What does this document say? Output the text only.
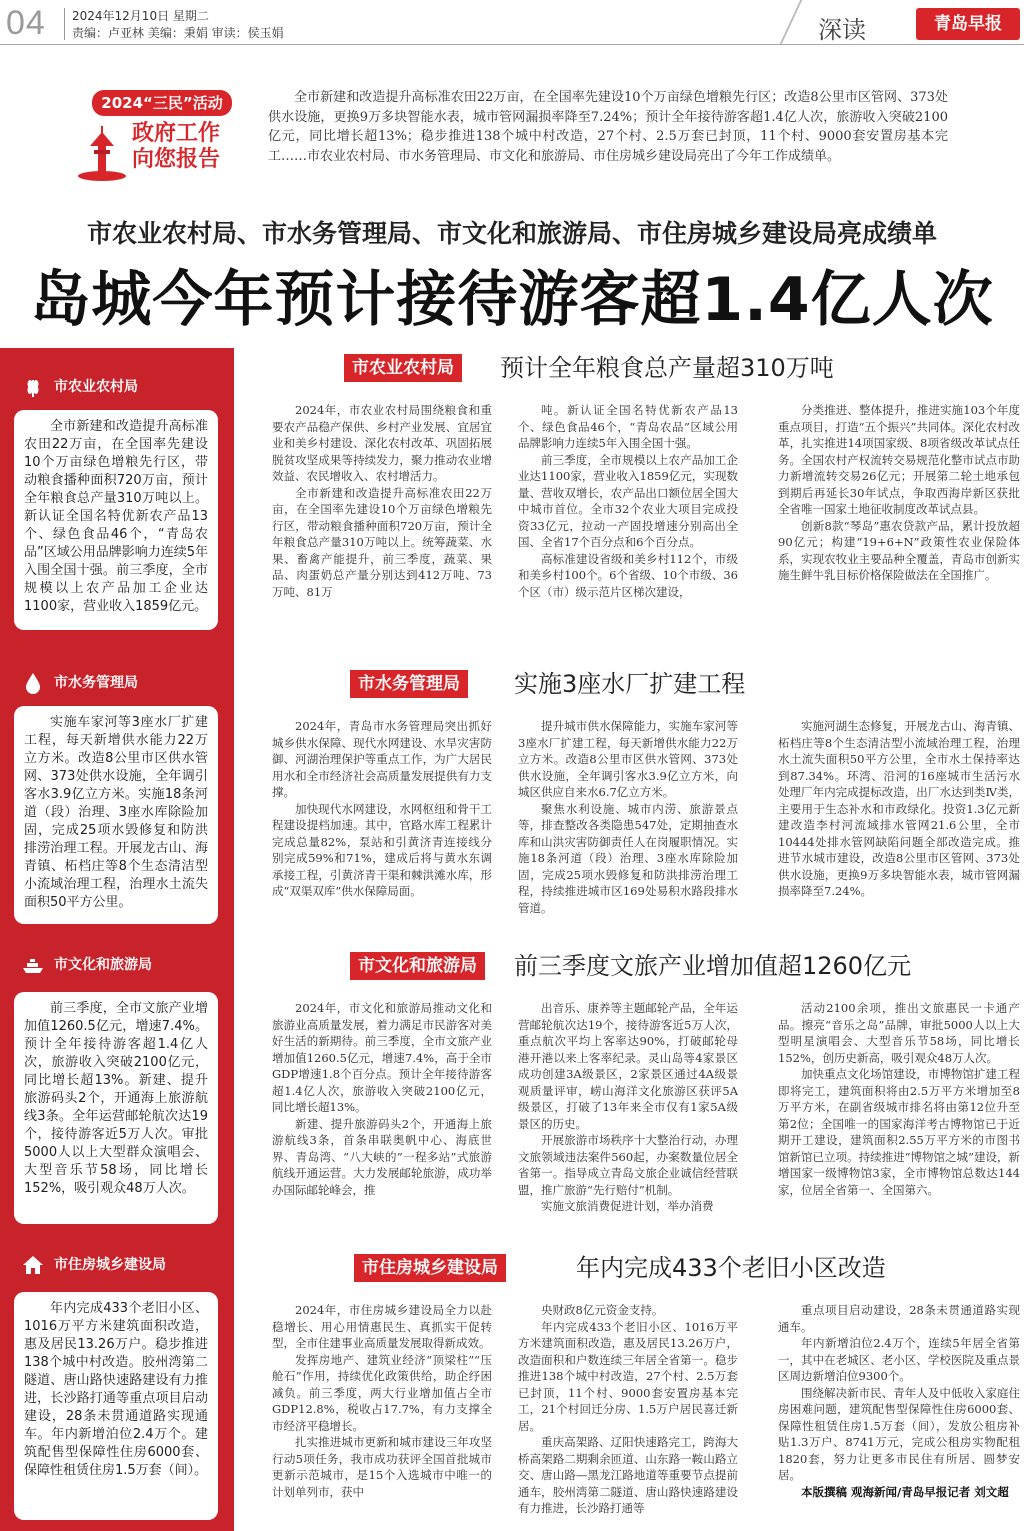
04 2024年12月10日 星期二
责编：卢亚林 美编：秉娟 审读：侯玉娟	深读	青岛早报
2024“三民”活动
政府工作向您报告
全市新建和改造提升高标准农田22万亩，在全国率先建设10个万亩绿色增粮先行区；改造8公里市区管网、373处供水设施，更换9万多块智能水表，城市管网漏损率降至7.24%；预计全年接待游客超1.4亿人次，旅游收入突破2100亿元，同比增长超13%；稳步推进138个城中村改造，27个村、2.5万套已封顶，11个村、9000套安置房基本完工……市农业农村局、市水务管理局、市文化和旅游局、市住房城乡建设局亮出了今年工作成绩单。
市农业农村局、市水务管理局、市文化和旅游局、市住房城乡建设局亮成绩单
岛城今年预计接待游客超1.4亿人次
市农业农村局
全市新建和改造提升高标准农田22万亩，在全国率先建设10个万亩绿色增粮先行区，带动粮食播种面积720万亩，预计全年粮食总产量310万吨以上。新认证全国名特优新农产品13个、绿色食品46个，“青岛农品”区域公用品牌影响力连续5年入围全国十强。前三季度，全市规模以上农产品加工企业达1100家，营业收入1859亿元。
市水务管理局
实施车家河等3座水厂扩建工程，每天新增供水能力22万立方米。改造8公里市区供水管网、373处供水设施，全年调引客水3.9亿立方米。实施18条河道（段）治理、3座水库除险加固，完成25项水毁修复和防洪排涝治理工程。开展龙古山、海青镇、柘档庄等8个生态清洁型小流域治理工程，治理水土流失面积50平方公里。
市文化和旅游局
前三季度，全市文旅产业增加值1260.5亿元，增速7.4%。预计全年接待游客超1.4亿人次，旅游收入突破2100亿元，同比增长超13%。新建、提升旅游码头2个，开通海上旅游航线3条。全年运营邮轮航次达19个，接待游客近5万人次。审批5000人以上大型群众演唱会、大型音乐节58场，同比增长152%，吸引观众48万人次。
市住房城乡建设局
年内完成433个老旧小区、1016万平方米建筑面积改造，惠及居民13.26万户。稳步推进138个城中村改造。胶州湾第二隧道、唐山路快速路建设有力推进，长沙路打通等重点项目启动建设，28条未贯通道路实现通车。年内新增泊位2.4万个。建筑配售型保障性住房6000套、保障性租赁住房1.5万套（间）。
市农业农村局	预计全年粮食总产量超310万吨

2024年，市农业农村局围绕粮食和重要农产品稳产保供、乡村产业发展、宜居宜业和美乡村建设、深化农村改革、巩固拓展脱贫攻坚成果等持续发力，聚力推动农业增效益、农民增收入、农村增活力。

全市新建和改造提升高标准农田22万亩，在全国率先建设10个万亩绿色增粮先行区，带动粮食播种面积720万亩，预计全年粮食总产量310万吨以上。统筹蔬菜、水果、畜禽产能提升，前三季度，蔬菜、果品、肉蛋奶总产量分别达到412万吨、73万吨、81万

吨。新认证全国名特优新农产品13个、绿色食品46个，“青岛农品”区域公用品牌影响力连续5年入围全国十强。

前三季度，全市规模以上农产品加工企业达1100家，营业收入1859亿元，实现数量、营收双增长，农产品出口额位居全国大中城市首位。全市32个农业大项目完成投资33亿元，拉动一产固投增速分别高出全国、全省17个百分点和6个百分点。

高标准建设省级和美乡村112个，市级和美乡村100个。6个省级、10个市级、36个区（市）级示范片区梯次建设，

分类推进、整体提升，推进实施103个年度重点项目，打造“五个振兴”共同体。深化农村改革，扎实推进14项国家级、8项省级改革试点任务。全国农村产权流转交易规范化整市试点市助力新增流转交易26亿元；开展第二轮土地承包到期后再延长30年试点，争取西海岸新区获批全省唯一国家土地征收制度改革试点县。

创新8款“琴岛”惠农贷款产品，累计投放超90亿元；构建“19+6+N”政策性农业保险体系，实现农牧业主要品种全覆盖，青岛市创新实施生鲜牛乳目标价格保险做法在全国推广。

市水务管理局	实施3座水厂扩建工程

2024年，青岛市水务管理局突出抓好城乡供水保障、现代水网建设、水旱灾害防御、河湖治理保护等重点工作，为广大居民用水和全市经济社会高质量发展提供有力支撑。

加快现代水网建设，水网枢纽和骨干工程建设提档加速。其中，官路水库工程累计完成总量82%，泵站和引黄济青连接线分别完成59%和71%，建成后将与黄水东调承接工程，引黄济青干渠和棘洪滩水库，形成“双渠双库”供水保障局面。

提升城市供水保障能力，实施车家河等3座水厂扩建工程，每天新增供水能力22万立方米。改造8公里市区供水管网、373处供水设施，全年调引客水3.9亿立方米，向城区供应自来水6.7亿立方米。

聚焦水利设施、城市内涝、旅游景点等，排查整改各类隐患547处，定期抽查水库和山洪灾害防御责任人在岗履职情况。实施18条河道（段）治理、3座水库除险加固，完成25项水毁修复和防洪排涝治理工程，持续推进城市区169处易积水路段排水管道。

实施河湖生态修复，开展龙古山、海青镇、柘档庄等8个生态清洁型小流域治理工程，治理水土流失面积50平方公里，全市水土保持率达到87.34%。环湾、沿河的16座城市生活污水处理厂年内完成提标改造，出厂水达到类Ⅳ类，主要用于生态补水和市政绿化。投资1.3亿元新建改造李村河流域排水管网21.6公里，全市10444处排水管网缺陷问题全部改造完成。推进节水城市建设，改造8公里市区管网、373处供水设施，更换9万多块智能水表，城市管网漏损率降至7.24%。

市文化和旅游局	前三季度文旅产业增加值超1260亿元

2024年，市文化和旅游局推动文化和旅游业高质量发展，着力满足市民游客对美好生活的新期待。前三季度，全市文旅产业增加值1260.5亿元，增速7.4%，高于全市GDP增速1.8个百分点。预计全年接待游客超1.4亿人次，旅游收入突破2100亿元，同比增长超13%。

新建、提升旅游码头2个，开通海上旅游航线3条，首条串联奥帆中心、海底世界、青岛湾、“八大峡的”一程多站”式旅游航线开通运营。大力发展邮轮旅游，成功举办国际邮轮峰会，推

出音乐、康养等主题邮轮产品，全年运营邮轮航次达19个，接待游客近5万人次，重点航次平均上客率达90%，打破邮轮母港开港以来上客率纪录。灵山岛等4家景区成功创建3A级景区，2家景区通过4A级景观质量评审，崂山海洋文化旅游区获评5A级景区，打破了13年来全市仅有1家5A级景区的历史。

开展旅游市场秩序十大整治行动，办理文旅领域违法案件560起，办案数量位居全省第一。指导成立青岛文旅企业诚信经营联盟，推广旅游“先行赔付”机制。

实施文旅消费促进计划，举办消费

活动2100余项，推出文旅惠民一卡通产品。擦亮“音乐之岛”品牌，审批5000人以上大型明星演唱会、大型音乐节58场，同比增长152%，创历史新高，吸引观众48万人次。

加快重点文化场馆建设，市博物馆扩建工程即将完工，建筑面积将由2.5万平方米增加至8万平方米，在副省级城市排名将由第12位升至第2位；全国唯一的国家海洋考古博物馆已于近期开工建设，建筑面积2.55万平方米的市图书馆新馆已立项。持续推进“博物馆之城”建设，新增国家一级博物馆3家，全市博物馆总数达144家，位居全省第一、全国第六。

市住房城乡建设局	年内完成433个老旧小区改造

2024年，市住房城乡建设局全力以赴稳增长、用心用情惠民生、真抓实干促转型，全市住建事业高质量发展取得新成效。

发挥房地产、建筑业经济“顶梁柱”“压舱石”作用，持续优化政策供给，助企纾困减负。前三季度，两大行业增加值占全市GDP12.8%，税收占17.7%，有力支撑全市经济平稳增长。

扎实推进城市更新和城市建设三年攻坚行动5项任务，我市成功获评全国首批城市更新示范城市，是15个入选城市中唯一的计划单列市，获中

央财政8亿元资金支持。

年内完成433个老旧小区、1016万平方米建筑面积改造，惠及居民13.26万户，改造面积和户数连续三年居全省第一。稳步推进138个城中村改造，27个村、2.5万套已封顶，11个村、9000套安置房基本完工，21个村回迁分房、1.5万户居民喜迁新居。

重庆高架路、辽阳快速路完工，跨海大桥高架路二期剩余匝道、山东路一鞍山路立交、唐山路—黑龙江路地道等重要节点提前通车，胶州湾第二隧道、唐山路快速路建设有力推进，长沙路打通等

重点项目启动建设，28条未贯通道路实现通车。

年内新增泊位2.4万个，连续5年居全省第一，其中在老城区、老小区、学校医院及重点景区周边新增泊位9300个。

围绕解决新市民、青年人及中低收入家庭住房困难问题，建筑配售型保障性住房6000套、保障性租赁住房1.5万套（间），发放公租房补贴1.3万户、8741万元，完成公租房实物配租1820套，努力让更多市民住有所居、圆梦安居。

本版撰稿 观海新闻/青岛早报记者 刘文超
